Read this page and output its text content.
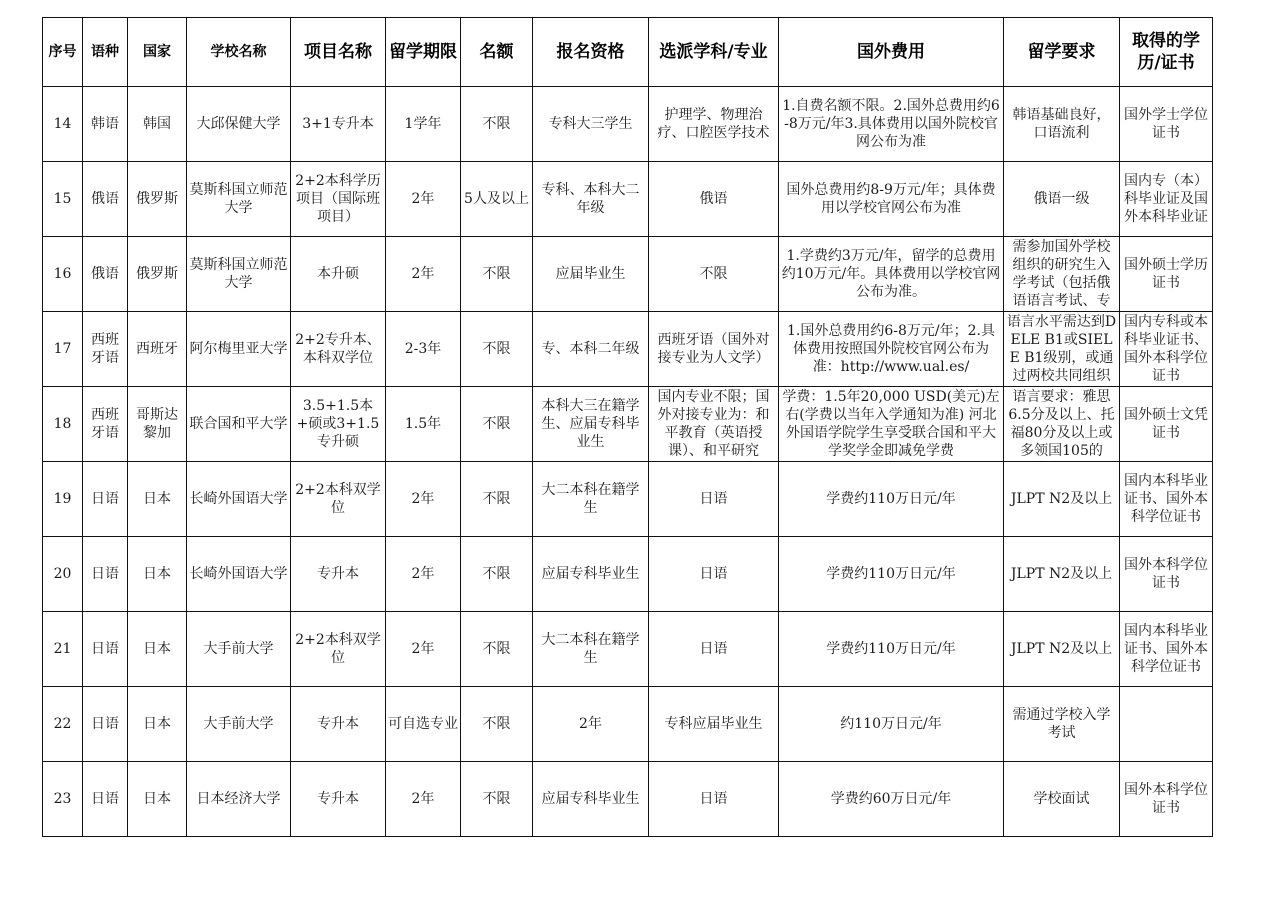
序号	语种	国家	学校名称	项目名称	留学期限	名额	报名资格	选派学科/专业	国外费用	留学要求	取得的学历/证书

14	韩语	韩国	大邱保健大学	3+1专升本	1学年	不限	专科大三学生	护理学、物理治疗、口腔医学技术	1.自费名额不限。2.国外总费用约6-8万元/年3.具体费用以国外院校官网公布为准	韩语基础良好，口语流利	国外学士学位证书

15	俄语	俄罗斯	莫斯科国立师范大学	2+2本科学历项目（国际班项目）	2年	5人及以上	专科、本科大二年级	俄语	国外总费用约8-9万元/年；具体费用以学校官网公布为准	俄语一级	国内专（本）科毕业证及国外本科毕业证

16	俄语	俄罗斯	莫斯科国立师范大学	本升硕	2年	不限	应届毕业生	不限	1.学费约3万元/年，留学的总费用约10万元/年。具体费用以学校官网公布为准。	需参加国外学校组织的研究生入学考试（包括俄语语言考试、专	国外硕士学历证书

17	西班牙语	西班牙	阿尔梅里亚大学	2+2专升本、本科双学位	2-3年	不限	专、本科二年级	西班牙语（国外对接专业为人文学）	1.国外总费用约6-8万元/年；2.具体费用按照国外院校官网公布为准：http://www.ual.es/	语言水平需达到DELE B1或SIELE B1级别，或通过两校共同组织	国内专科或本科毕业证书、国外本科学位证书

18	西班牙语	哥斯达黎加	联合国和平大学	3.5+1.5本+硕或3+1.5专升硕	1.5年	不限	本科大三在籍学生、应届专科毕业生	国内专业不限；国外对接专业为：和平教育（英语授课）、和平研究	学费：1.5年20,000 USD(美元)左右(学费以当年入学通知为准) 河北外国语学院学生享受联合国和平大学奖学金即减免学费	语言要求：雅思6.5分及以上、托福80分及以上或多领国105的	国外硕士文凭证书

19	日语	日本	长崎外国语大学	2+2本科双学位	2年	不限	大二本科在籍学生	日语	学费约110万日元/年	JLPT N2及以上	国内本科毕业证书、国外本科学位证书

20	日语	日本	长崎外国语大学	专升本	2年	不限	应届专科毕业生	日语	学费约110万日元/年	JLPT N2及以上	国外本科学位证书

21	日语	日本	大手前大学	2+2本科双学位	2年	不限	大二本科在籍学生	日语	学费约110万日元/年	JLPT N2及以上	国内本科毕业证书、国外本科学位证书

22	日语	日本	大手前大学	专升本	可自选专业	不限	2年	专科应届毕业生	约110万日元/年	需通过学校入学考试	

23	日语	日本	日本经济大学	专升本	2年	不限	应届专科毕业生	日语	学费约60万日元/年	学校面试	国外本科学位证书
